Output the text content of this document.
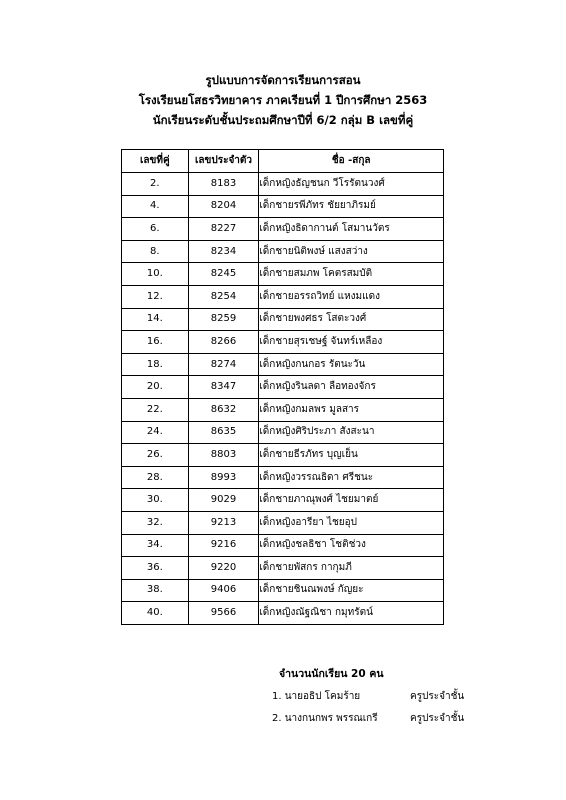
รูปแบบการจัดการเรียนการสอน
โรงเรียนยโสธรวิทยาคาร ภาคเรียนที่ 1 ปีการศึกษา 2563
นักเรียนระดับชั้นประถมศึกษาปีที่ 6/2 กลุ่ม B เลขที่คู่
เลขที่คู่	เลขประจำตัว	ชื่อ -สกุล
2.	8183	เด็กหญิงธัญชนก วีโรรัตนวงศ์
4.	8204	เด็กชายรพีภัทร ชัยยาภิรมย์
6.	8227	เด็กหญิงธิดากานต์ โสมานวัตร
8.	8234	เด็กชายนิติพงษ์ แสงสว่าง
10.	8245	เด็กชายสมภพ โคตรสมบัติ
12.	8254	เด็กชายอรรถวิทย์ แหงมแดง
14.	8259	เด็กชายพงศธร โสตะวงศ์
16.	8266	เด็กชายสุรเชษฐ์ จันทร์เหลือง
18.	8274	เด็กหญิงกนกอร รัตนะวัน
20.	8347	เด็กหญิงรินลดา ลือทองจักร
22.	8632	เด็กหญิงกมลพร มูลสาร
24.	8635	เด็กหญิงศิริประภา สังสะนา
26.	8803	เด็กชายธีรภัทร บุญเย็น
28.	8993	เด็กหญิงวรรณธิดา ศรีชนะ
30.	9029	เด็กชายภาณุพงศ์ ไชยมาตย์
32.	9213	เด็กหญิงอารียา ไชยอุป
34.	9216	เด็กหญิงชลธิชา โชติช่วง
36.	9220	เด็กชายพัสกร กากุมภี
38.	9406	เด็กชายชินณพงษ์ กัญยะ
40.	9566	เด็กหญิงณัฐณิชา กมุทรัตน์
จำนวนนักเรียน 20 คน
1. นายอธิป โคมร้าย	ครูประจำชั้น
2. นางกนกพร พรรณเกรี	ครูประจำชั้น
